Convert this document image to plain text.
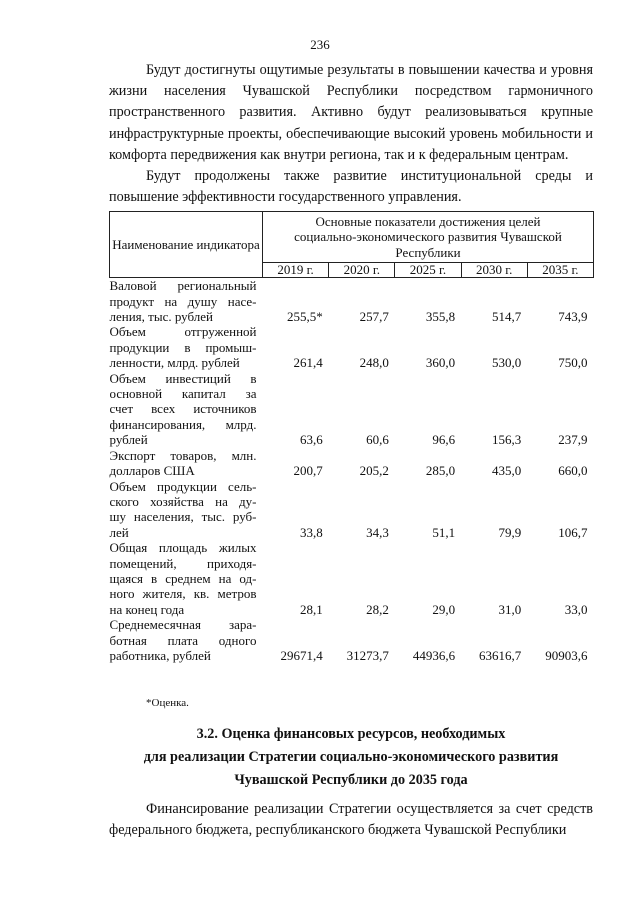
236

Будут достигнуты ощутимые результаты в повышении качества и уровня жизни населения Чувашской Республики посредством гармоничного пространственного развития. Активно будут реализовываться крупные инфраструктурные проекты, обеспечивающие высокий уровень мобильности и комфорта передвижения как внутри региона, так и к федеральным центрам.

Будут продолжены также развитие институциональной среды и повышение эффективности государственного управления.

Наименование индикатора	Основные показатели достижения целей социально-экономического развития Чувашской Республики				
	2019 г.	2020 г.	2025 г.	2030 г.	2035 г.

Валовой региональный
продукт на душу насе-
ления, тыс. рублей	255,5*	257,7	355,8	514,7	743,9

Объем отгруженной
продукции в промыш-
ленности, млрд. рублей	261,4	248,0	360,0	530,0	750,0

Объем инвестиций в
основной капитал за
счет всех источников
финансирования, млрд.
рублей	63,6	60,6	96,6	156,3	237,9

Экспорт товаров, млн.
долларов США	200,7	205,2	285,0	435,0	660,0

Объем продукции сель-
ского хозяйства на ду-
шу населения, тыс. руб-
лей	33,8	34,3	51,1	79,9	106,7

Общая площадь жилых
помещений, приходя-
щаяся в среднем на од-
ного жителя, кв. метров
на конец года	28,1	28,2	29,0	31,0	33,0

Среднемесячная зара-
ботная плата одного
работника, рублей	29671,4	31273,7	44936,6	63616,7	90903,6
*Оценка.
3.2. Оценка финансовых ресурсов, необходимых
для реализации Стратегии социально-экономического развития
Чувашской Республики до 2035 года

Финансирование реализации Стратегии осуществляется за счет средств федерального бюджета, республиканского бюджета Чувашской Республики
